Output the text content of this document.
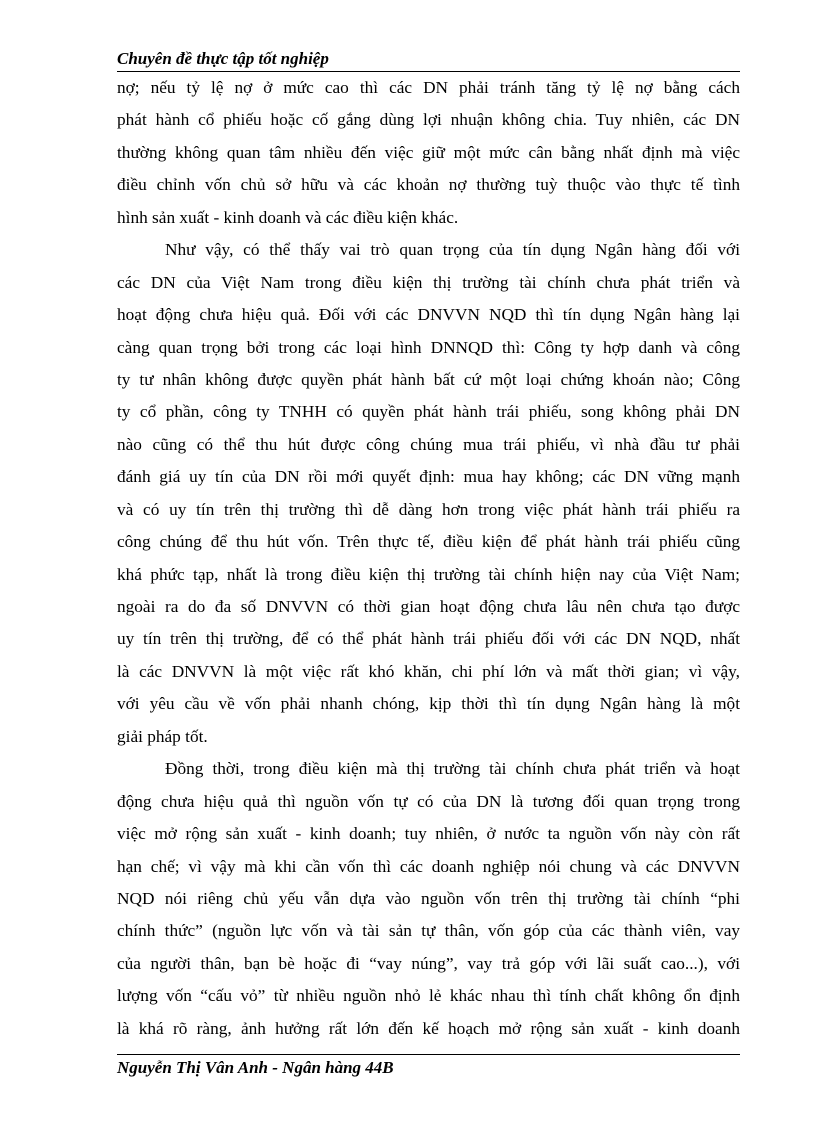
Chuyên đề thực tập tốt nghiệp
nợ; nếu tỷ lệ nợ ở mức cao thì các DN phải tránh tăng tỷ lệ nợ bằng cách
phát hành cổ phiếu hoặc cố gắng dùng lợi nhuận không chia. Tuy nhiên, các DN
thường không quan tâm nhiều đến việc giữ một mức cân bằng nhất định mà việc
điều chỉnh vốn chủ sở hữu và các khoản nợ thường tuỳ thuộc vào thực tế tình
hình sản xuất - kinh doanh và các điều kiện khác.
Như vậy, có thể thấy vai trò quan trọng của tín dụng Ngân hàng đối với
các DN của Việt Nam trong điều kiện thị trường tài chính chưa phát triển và
hoạt động chưa hiệu quả. Đối với các DNVVN NQD thì tín dụng Ngân hàng lại
càng quan trọng bởi trong các loại hình DNNQD thì: Công ty hợp danh và công
ty tư nhân không được quyền phát hành bất cứ một loại chứng khoán nào; Công
ty cổ phần, công ty TNHH có quyền phát hành trái phiếu, song không phải DN
nào cũng có thể thu hút được công chúng mua trái phiếu, vì nhà đầu tư phải
đánh giá uy tín của DN rồi mới quyết định: mua hay không; các DN vững mạnh
và có uy tín trên thị trường thì dễ dàng hơn trong việc phát hành trái phiếu ra
công chúng để thu hút vốn. Trên thực tế, điều kiện để phát hành trái phiếu cũng
khá phức tạp, nhất là trong điều kiện thị trường tài chính hiện nay của Việt Nam;
ngoài ra do đa số DNVVN có thời gian hoạt động chưa lâu nên chưa tạo được
uy tín trên thị trường, để có thể phát hành trái phiếu đối với các DN NQD, nhất
là các DNVVN là một việc rất khó khăn, chi phí lớn và mất thời gian; vì vậy,
với yêu cầu về vốn phải nhanh chóng, kịp thời thì tín dụng Ngân hàng là một
giải pháp tốt.
Đồng thời, trong điều kiện mà thị trường tài chính chưa phát triển và hoạt
động chưa hiệu quả thì nguồn vốn tự có của DN là tương đối quan trọng trong
việc mở rộng sản xuất - kinh doanh; tuy nhiên, ở nước ta nguồn vốn này còn rất
hạn chế; vì vậy mà khi cần vốn thì các doanh nghiệp nói chung và các DNVVN
NQD nói riêng chủ yếu vẫn dựa vào nguồn vốn trên thị trường tài chính “phi
chính thức” (nguồn lực vốn và tài sản tự thân, vốn góp của các thành viên, vay
của người thân, bạn bè hoặc đi “vay núng”, vay trả góp với lãi suất cao...), với
lượng vốn “cấu vỏ” từ nhiều nguồn nhỏ lẻ khác nhau thì tính chất không ổn định
là khá rõ ràng, ảnh hưởng rất lớn đến kế hoạch mở rộng sản xuất - kinh doanh
Nguyễn Thị Vân Anh - Ngân hàng 44B
